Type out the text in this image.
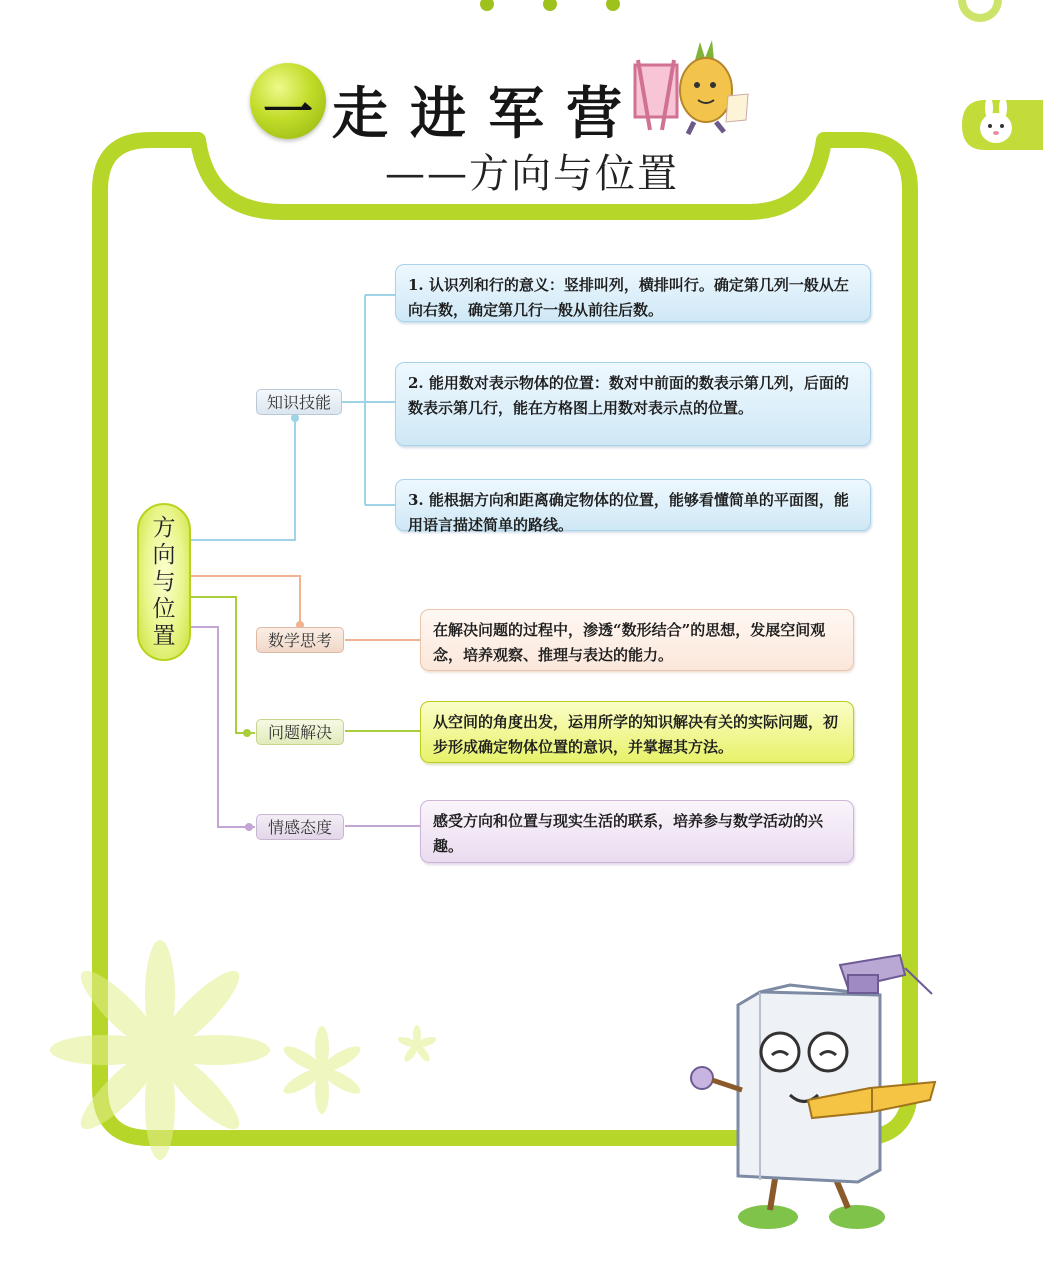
一 走进军营
——方向与位置
方
向
与
位
置
知识技能
数学思考
问题解决
情感态度
1. 认识列和行的意义：竖排叫列，横排叫行。确定第几列一般从左向右数，确定第几行一般从前往后数。
2. 能用数对表示物体的位置：数对中前面的数表示第几列，后面的数表示第几行，能在方格图上用数对表示点的位置。
3. 能根据方向和距离确定物体的位置，能够看懂简单的平面图，能用语言描述简单的路线。
在解决问题的过程中，渗透“数形结合”的思想，发展空间观念，培养观察、推理与表达的能力。
从空间的角度出发，运用所学的知识解决有关的实际问题，初步形成确定物体位置的意识，并掌握其方法。
感受方向和位置与现实生活的联系，培养参与数学活动的兴趣。
